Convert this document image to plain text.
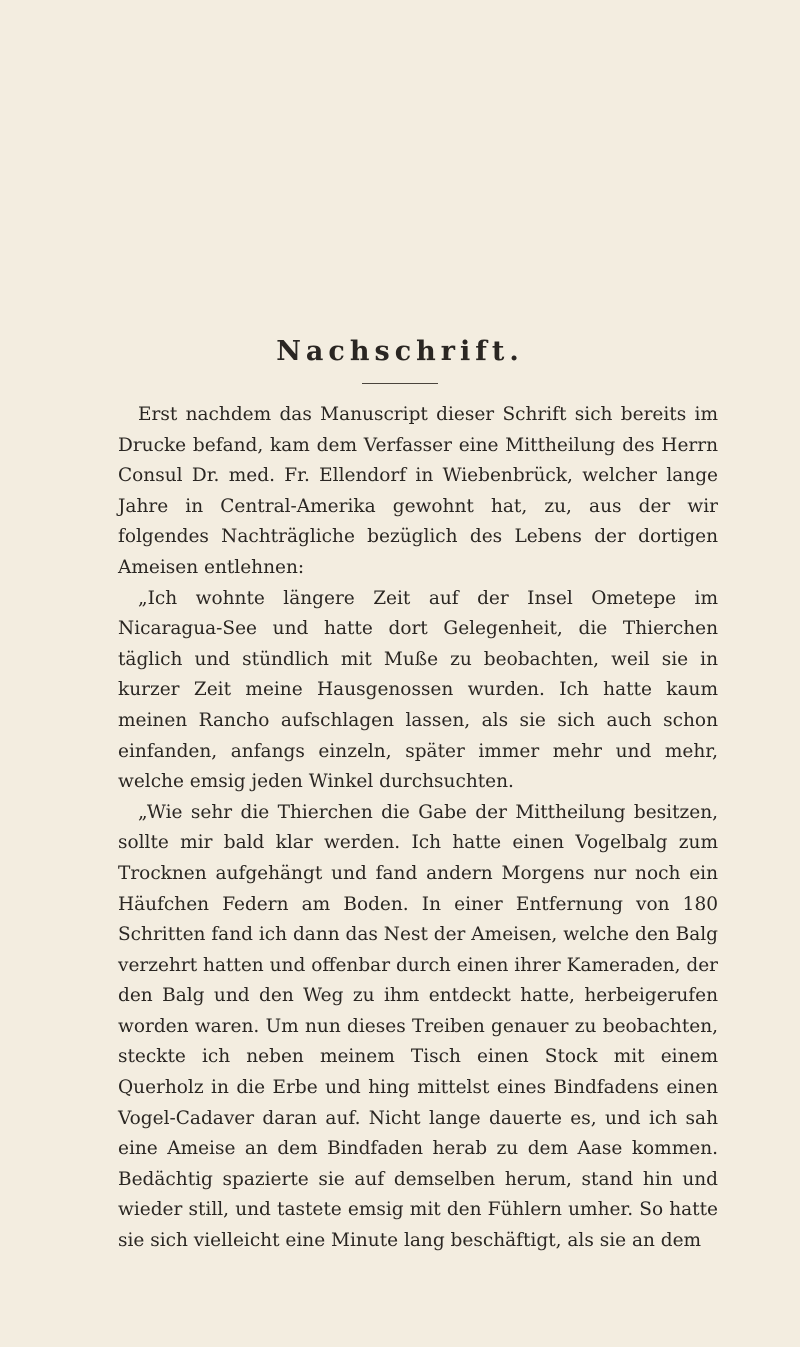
Nachschrift.

Erst nachdem das Manuscript dieser Schrift sich bereits im Drucke befand, kam dem Verfasser eine Mittheilung des Herrn Consul Dr. med. Fr. Ellendorf in Wiebenbrück, welcher lange Jahre in Central-Amerika gewohnt hat, zu, aus der wir folgendes Nachträgliche bezüglich des Lebens der dortigen Ameisen entlehnen:

„Ich wohnte längere Zeit auf der Insel Ometepe im Nicaragua-See und hatte dort Gelegenheit, die Thierchen täglich und stündlich mit Muße zu beobachten, weil sie in kurzer Zeit meine Hausgenossen wurden. Ich hatte kaum meinen Rancho aufschlagen lassen, als sie sich auch schon einfanden, anfangs einzeln, später immer mehr und mehr, welche emsig jeden Winkel durchsuchten.

„Wie sehr die Thierchen die Gabe der Mittheilung besitzen, sollte mir bald klar werden. Ich hatte einen Vogelbalg zum Trocknen aufgehängt und fand andern Morgens nur noch ein Häufchen Federn am Boden. In einer Entfernung von 180 Schritten fand ich dann das Nest der Ameisen, welche den Balg verzehrt hatten und offenbar durch einen ihrer Kameraden, der den Balg und den Weg zu ihm entdeckt hatte, herbeigerufen worden waren. Um nun dieses Treiben genauer zu beobachten, steckte ich neben meinem Tisch einen Stock mit einem Querholz in die Erbe und hing mittelst eines Bindfadens einen Vogel-Cadaver daran auf. Nicht lange dauerte es, und ich sah eine Ameise an dem Bindfaden herab zu dem Aase kommen. Bedächtig spazierte sie auf demselben herum, stand hin und wieder still, und tastete emsig mit den Fühlern umher. So hatte sie sich vielleicht eine Minute lang beschäftigt, als sie an dem
